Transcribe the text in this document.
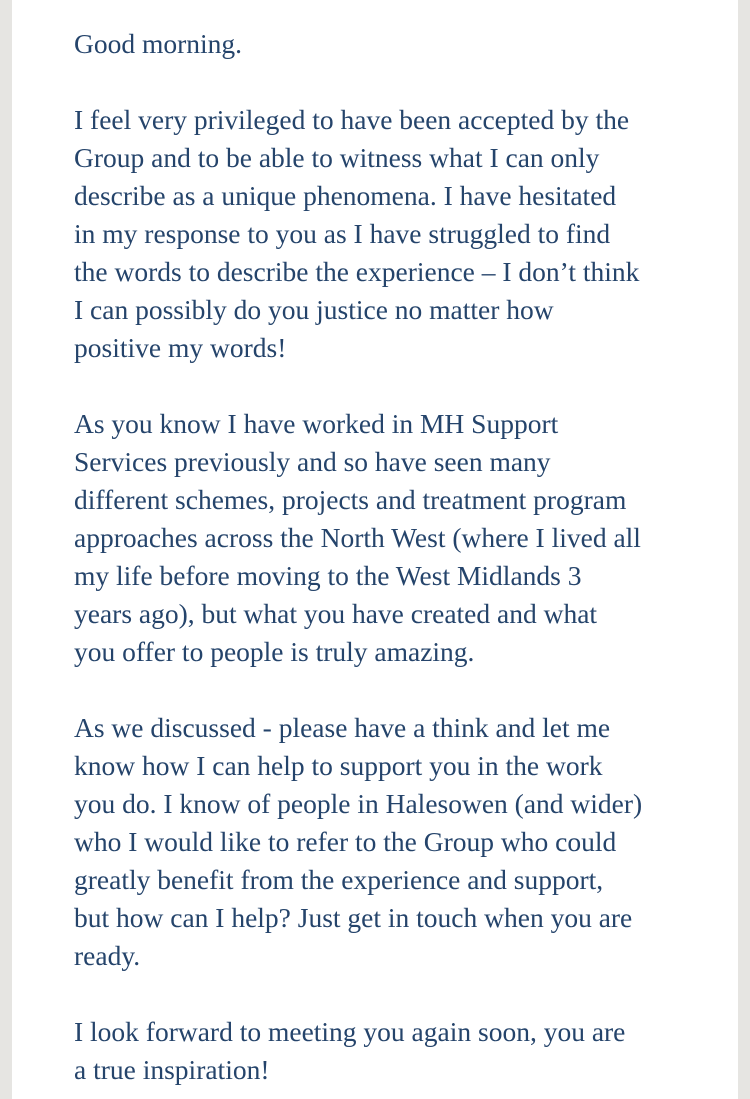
Good morning.

I feel very privileged to have been accepted by the
Group and to be able to witness what I can only
describe as a unique phenomena. I have hesitated
in my response to you as I have struggled to find
the words to describe the experience – I don’t think
I can possibly do you justice no matter how
positive my words!

As you know I have worked in MH Support
Services previously and so have seen many
different schemes, projects and treatment program
approaches across the North West (where I lived all
my life before moving to the West Midlands 3
years ago), but what you have created and what
you offer to people is truly amazing.

As we discussed - please have a think and let me
know how I can help to support you in the work
you do. I know of people in Halesowen (and wider)
who I would like to refer to the Group who could
greatly benefit from the experience and support,
but how can I help? Just get in touch when you are
ready.

I look forward to meeting you again soon, you are
a true inspiration!
